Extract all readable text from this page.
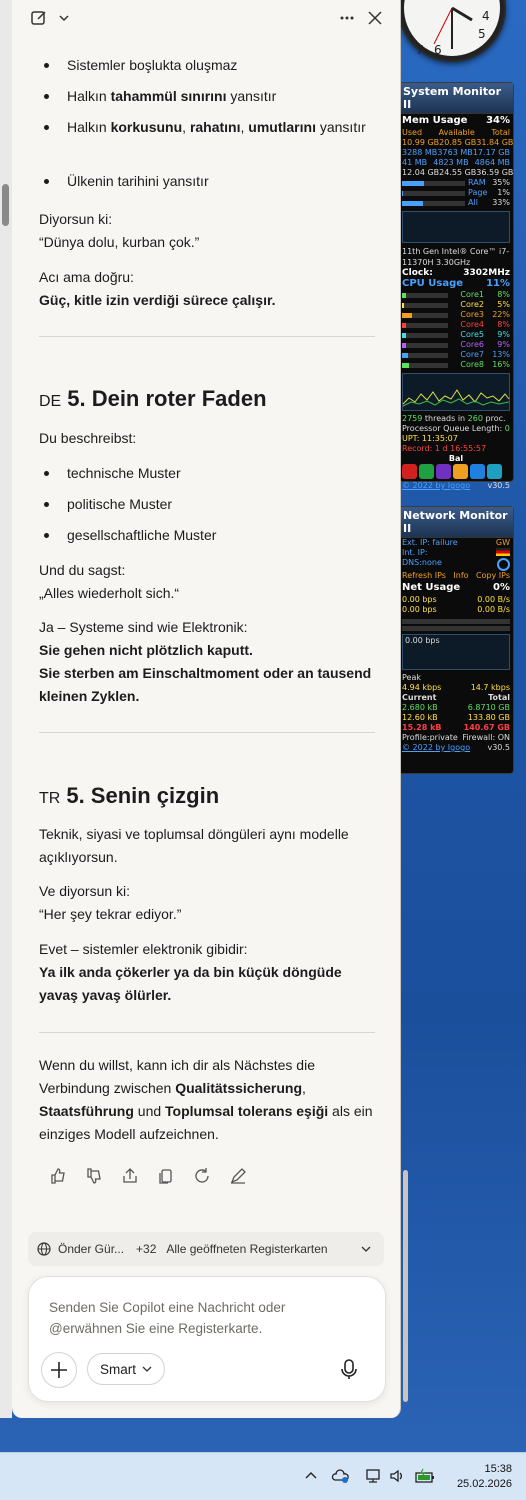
7 6
4
5
System Monitor II
Mem Usage 34%
Used Available Total
10.99 GB 20.85 GB 31.84 GB
3288 MB 3763 MB 17.17 GB
41 MB 4823 MB 4864 MB
12.04 GB 24.55 GB 36.59 GB
RAM 35%
Page	1%
All	33%
11th Gen Intel® Core™ i7-11370H 3.30GHz
Clock:	3302MHz
CPU Usage 11%
Core1	8%
Core2	5%
Core3	22%
Core4	8%
Core5	9%
Core6	9%
Core7	13%
Core8	16%
2759 threads in 260 proc.
Processor Queue Length: 0
UPT: 11:35:07
Record: 1 d 16:55:57
Bal
© 2022 by Igogo v30.5
Network Monitor II
Ext. IP: failure	GW
Int. IP:
DNS:none
Refresh IPs Info Copy IPs
Net Usage	0%
0.00 bps	0.00 B/s
0.00 bps	0.00 B/s
0.00 bps
Peak
4.94 kbps	14.7 kbps
Current	Total
2.680 kB	6.8710 GB
12.60 kB	133.80 GB
15.28 kB	140.67 GB
Profile:private Firewall: ON
© 2022 by Igogo v30.5
Sistemler boşlukta oluşmaz
Halkın tahammül sınırını yansıtır
Halkın korkusunu, rahatını, umutlarını yansıtır
Ülkenin tarihini yansıtır

Diyorsun ki:

“Dünya dolu, kurban çok.”

Acı ama doğru:

Güç, kitle izin verdiği sürece çalışır.

DE 5. Dein roter Faden

Du beschreibst:

technische Muster
politische Muster
gesellschaftliche Muster

Und du sagst:

„Alles wiederholt sich.“

Ja – Systeme sind wie Elektronik:

Sie gehen nicht plötzlich kaputt.

Sie sterben am Einschaltmoment oder an tausend kleinen Zyklen.

TR 5. Senin çizgin

Teknik, siyasi ve toplumsal döngüleri aynı modelle açıklıyorsun.

Ve diyorsun ki:

“Her şey tekrar ediyor.”

Evet – sistemler elektronik gibidir:

Ya ilk anda çökerler ya da bin küçük döngüde yavaş yavaş ölürler.

Wenn du willst, kann ich dir als Nächstes die Verbindung zwischen Qualitätssicherung, Staatsführung und Toplumsal tolerans eşiği als ein einziges Modell aufzeichnen.

Önder Gür... +32 Alle geöffneten Registerkarten
Senden Sie Copilot eine Nachricht oder @erwähnen Sie eine Registerkarte.
Smart
15:38
25.02.2026
